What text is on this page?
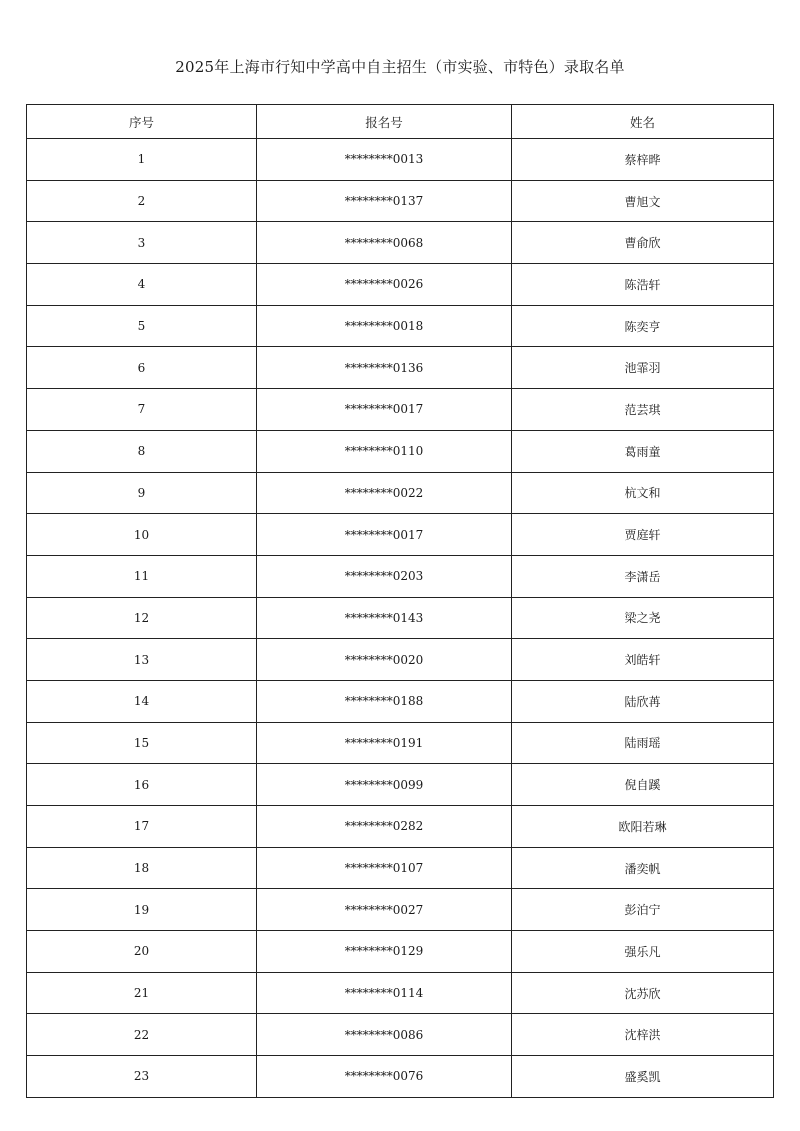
2025年上海市行知中学高中自主招生（市实验、市特色）录取名单
序号	报名号	姓名
1	********0013	蔡梓晔
2	********0137	曹旭文
3	********0068	曹俞欣
4	********0026	陈浩轩
5	********0018	陈奕亨
6	********0136	池霏羽
7	********0017	范芸琪
8	********0110	葛雨童
9	********0022	杭文和
10	********0017	贾庭轩
11	********0203	李潇岳
12	********0143	梁之尧
13	********0020	刘皓轩
14	********0188	陆欣苒
15	********0191	陆雨瑶
16	********0099	倪自蹊
17	********0282	欧阳若琳
18	********0107	潘奕帆
19	********0027	彭泊宁
20	********0129	强乐凡
21	********0114	沈苏欣
22	********0086	沈梓洪
23	********0076	盛奚凯
